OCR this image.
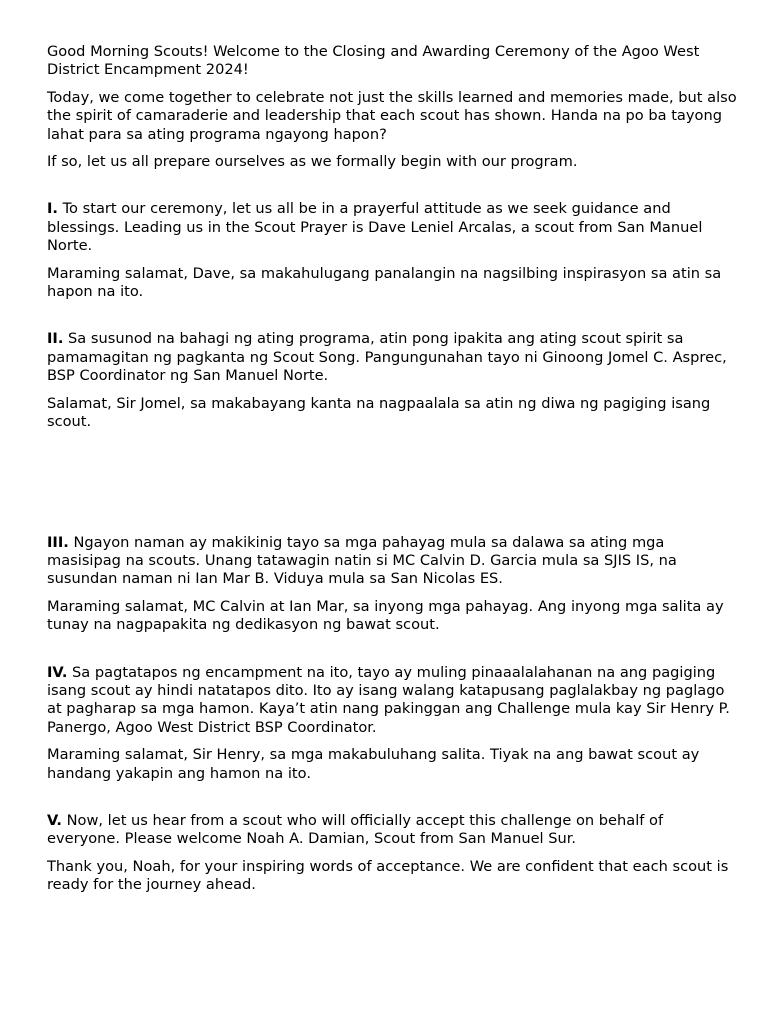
Good Morning Scouts! Welcome to the Closing and Awarding Ceremony of the Agoo West District Encampment 2024!

Today, we come together to celebrate not just the skills learned and memories made, but also the spirit of camaraderie and leadership that each scout has shown. Handa na po ba tayong lahat para sa ating programa ngayong hapon?

If so, let us all prepare ourselves as we formally begin with our program.

I. To start our ceremony, let us all be in a prayerful attitude as we seek guidance and blessings. Leading us in the Scout Prayer is Dave Leniel Arcalas, a scout from San Manuel Norte.

Maraming salamat, Dave, sa makahulugang panalangin na nagsilbing inspirasyon sa atin sa hapon na ito.

II. Sa susunod na bahagi ng ating programa, atin pong ipakita ang ating scout spirit sa pamamagitan ng pagkanta ng Scout Song. Pangungunahan tayo ni Ginoong Jomel C. Asprec, BSP Coordinator ng San Manuel Norte.

Salamat, Sir Jomel, sa makabayang kanta na nagpaalala sa atin ng diwa ng pagiging isang scout.

III. Ngayon naman ay makikinig tayo sa mga pahayag mula sa dalawa sa ating mga masisipag na scouts. Unang tatawagin natin si MC Calvin D. Garcia mula sa SJIS IS, na susundan naman ni Ian Mar B. Viduya mula sa San Nicolas ES.

Maraming salamat, MC Calvin at Ian Mar, sa inyong mga pahayag. Ang inyong mga salita ay tunay na nagpapakita ng dedikasyon ng bawat scout.

IV. Sa pagtatapos ng encampment na ito, tayo ay muling pinaaalalahanan na ang pagiging isang scout ay hindi natatapos dito. Ito ay isang walang katapusang paglalakbay ng paglago at pagharap sa mga hamon. Kaya’t atin nang pakinggan ang Challenge mula kay Sir Henry P. Panergo, Agoo West District BSP Coordinator.

Maraming salamat, Sir Henry, sa mga makabuluhang salita. Tiyak na ang bawat scout ay handang yakapin ang hamon na ito.

V. Now, let us hear from a scout who will officially accept this challenge on behalf of everyone. Please welcome Noah A. Damian, Scout from San Manuel Sur.

Thank you, Noah, for your inspiring words of acceptance. We are confident that each scout is ready for the journey ahead.
